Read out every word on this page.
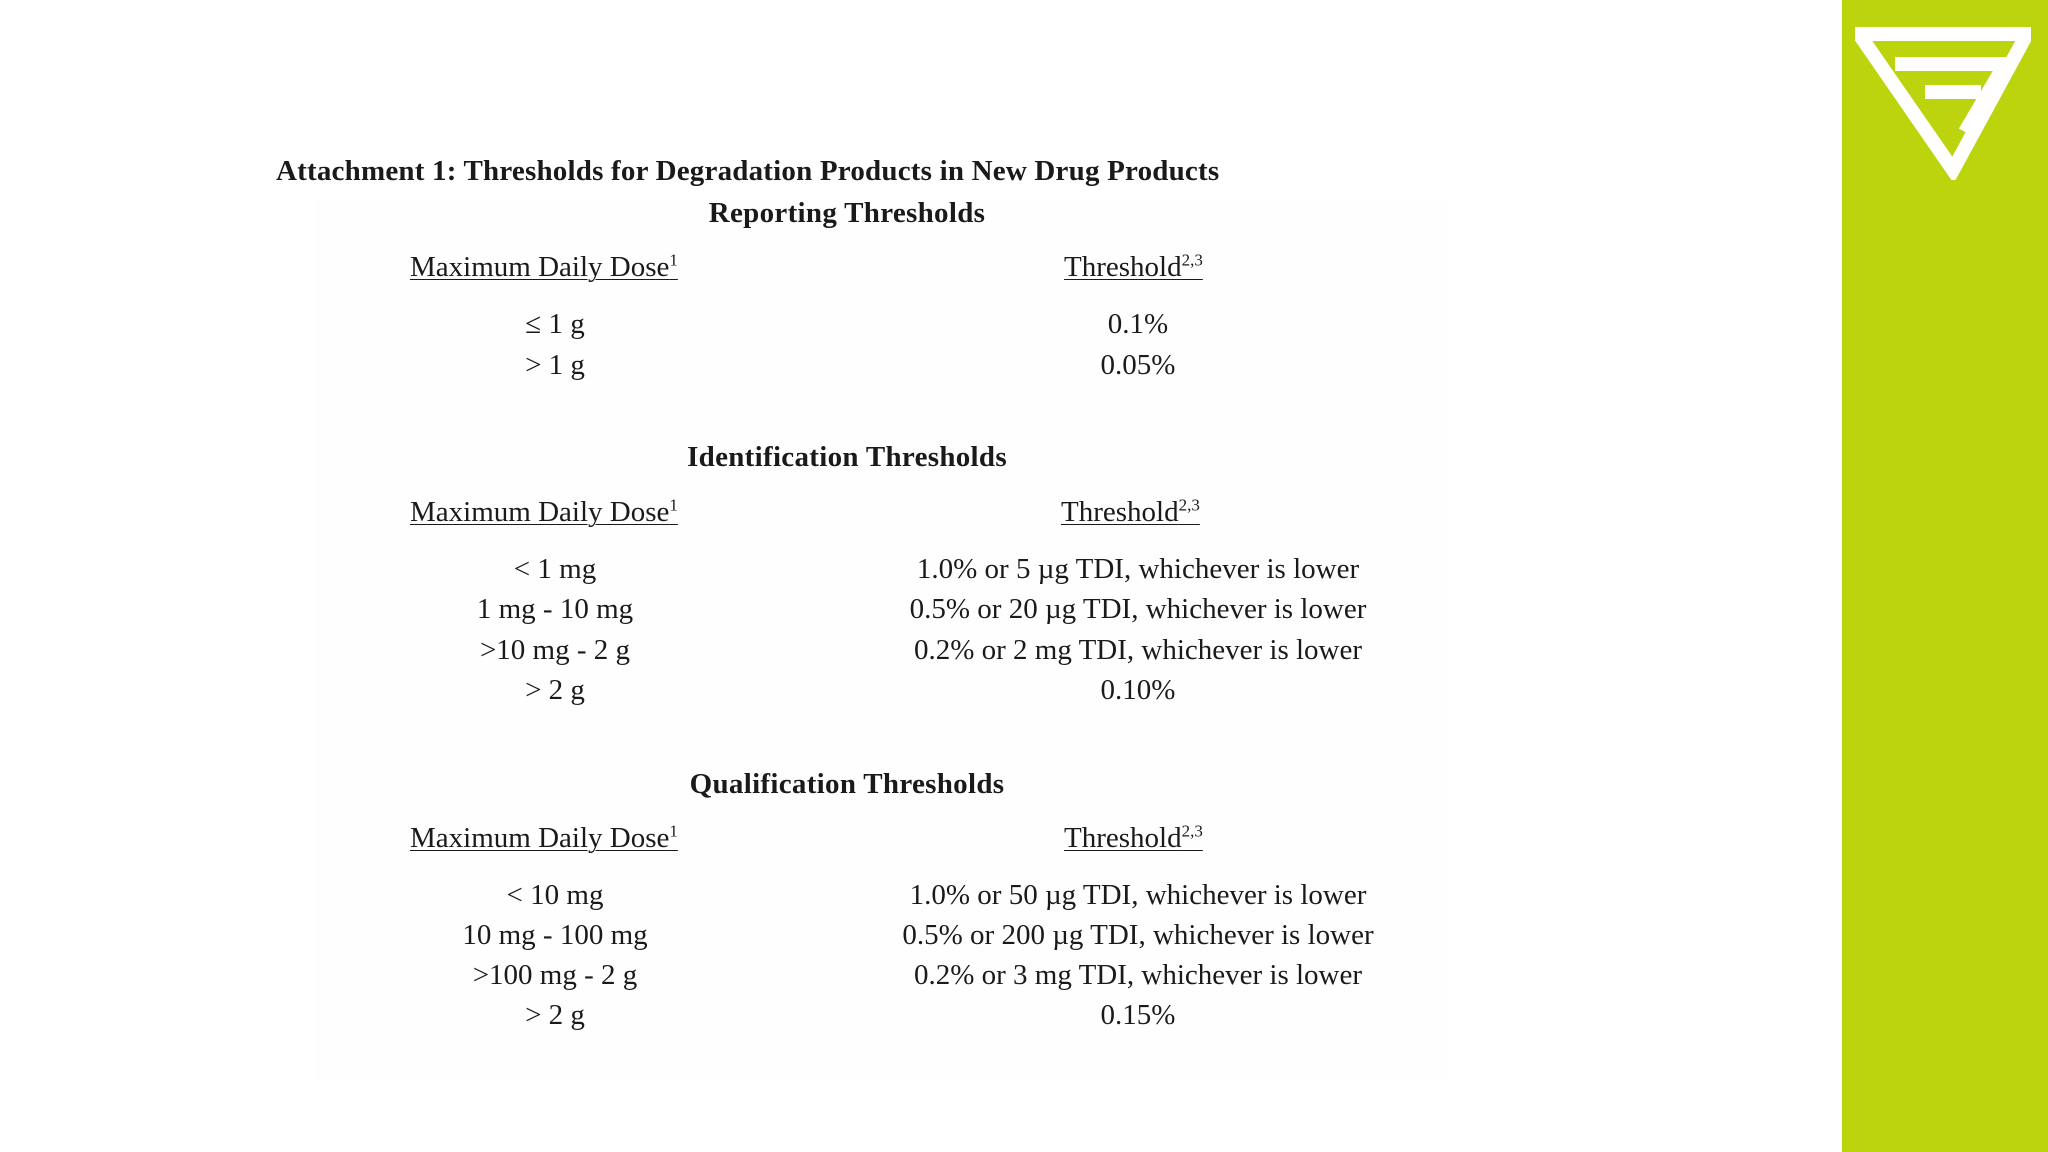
Attachment 1: Thresholds for Degradation Products in New Drug Products
Reporting Thresholds
Maximum Daily Dose$^1$	Threshold$^{2,3}$
≤ 1 g	0.1%
> 1 g	0.05%
Identification Thresholds
Maximum Daily Dose$^1$	Threshold$^{2,3}$
< 1 mg	1.0% or 5 µg TDI, whichever is lower
1 mg - 10 mg	0.5% or 20 µg TDI, whichever is lower
>10 mg - 2 g	0.2% or 2 mg TDI, whichever is lower
> 2 g	0.10%
Qualification Thresholds
Maximum Daily Dose$^1$	Threshold$^{2,3}$
< 10 mg	1.0% or 50 µg TDI, whichever is lower
10 mg - 100 mg	0.5% or 200 µg TDI, whichever is lower
>100 mg - 2 g	0.2% or 3 mg TDI, whichever is lower
> 2 g	0.15%
